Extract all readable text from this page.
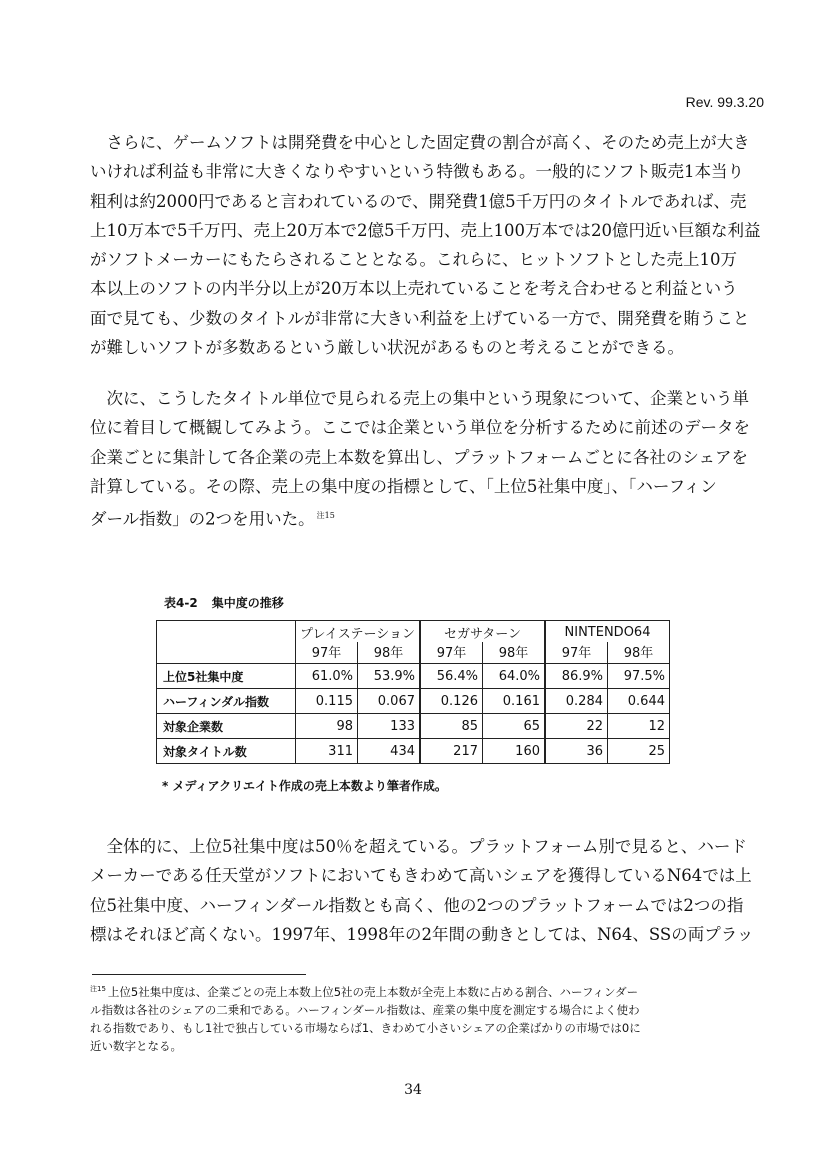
Rev. 99.3.20
　さらに、ゲームソフトは開発費を中心とした固定費の割合が高く、そのため売上が大き
いければ利益も非常に大きくなりやすいという特徴もある。一般的にソフト販売1本当り
粗利は約2000円であると言われているので、開発費1億5千万円のタイトルであれば、売
上10万本で5千万円、売上20万本で2億5千万円、売上100万本では20億円近い巨額な利益
がソフトメーカーにもたらされることとなる。これらに、ヒットソフトとした売上10万
本以上のソフトの内半分以上が20万本以上売れていることを考え合わせると利益という
面で見ても、少数のタイトルが非常に大きい利益を上げている一方で、開発費を賄うこと
が難しいソフトが多数あるという厳しい状況があるものと考えることができる。
　次に、こうしたタイトル単位で見られる売上の集中という現象について、企業という単
位に着目して概観してみよう。ここでは企業という単位を分析するために前述のデータを
企業ごとに集計して各企業の売上本数を算出し、プラットフォームごとに各社のシェアを
計算している。その際、売上の集中度の指標として、「上位5社集中度」、「ハーフィン
ダール指数」の2つを用いた。 $^{注15}$
表4-2 集中度の推移
	プレイステーション		セガサターン		NINTENDO64	
	97年	98年	97年	98年	97年	98年
上位5社集中度	61.0%	53.9%	56.4%	64.0%	86.9%	97.5%
ハーフィンダル指数	0.115	0.067	0.126	0.161	0.284	0.644
対象企業数	98	133	85	65	22	12
対象タイトル数	311	434	217	160	36	25
* メディアクリエイト作成の売上本数より筆者作成。
　全体的に、上位5社集中度は50％を超えている。プラットフォーム別で見ると、ハード
メーカーである任天堂がソフトにおいてもきわめて高いシェアを獲得しているN64では上
位5社集中度、ハーフィンダール指数とも高く、他の2つのプラットフォームでは2つの指
標はそれほど高くない。1997年、1998年の2年間の動きとしては、N64、SSの両プラッ
$^{注15}$ 上位5社集中度は、企業ごとの売上本数上位5社の売上本数が全売上本数に占める割合、ハーフィンダー
ル指数は各社のシェアの二乗和である。ハーフィンダール指数は、産業の集中度を測定する場合によく使わ
れる指数であり、もし1社で独占している市場ならば1、きわめて小さいシェアの企業ばかりの市場では0に
近い数字となる。
34
